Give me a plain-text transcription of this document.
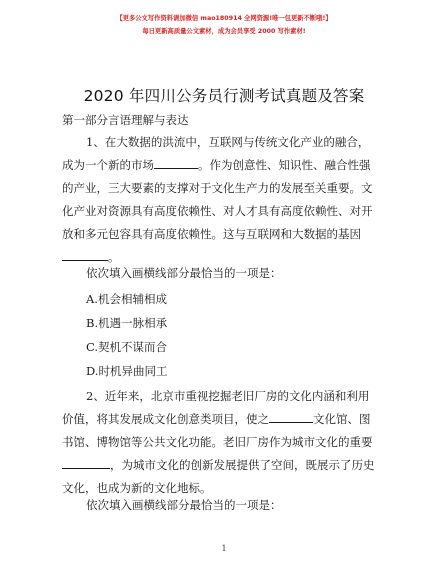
【更多公文写作资料请加微信 mao180914 全网资源!唯一包更新不断哦!】
每日更新高质量公文素材，成为会员享受 2000 写作素材!
2020 年四川公务员行测考试真题及答案
第一部分言语理解与表达
1、在大数据的洪流中，互联网与传统文化产业的融合，
成为一个新的市场	。作为创意性、知识性、融合性强
的产业，三大要素的支撑对于文化生产力的发展至关重要。文
化产业对资源具有高度依赖性、对人才具有高度依赖性、对开
放和多元包容具有高度依赖性。这与互联网和大数据的基因
。
依次填入画横线部分最恰当的一项是：
A.机会相辅相成
B.机遇一脉相承
C.契机不谋而合
D.时机异曲同工
2、近年来，北京市重视挖掘老旧厂房的文化内涵和利用
价值，将其发展成文化创意类项目，使之	文化馆、图
书馆、博物馆等公共文化功能。老旧厂房作为城市文化的重要
，为城市文化的创新发展提供了空间，既展示了历史
文化，也成为新的文化地标。
依次填入画横线部分最恰当的一项是：
1
